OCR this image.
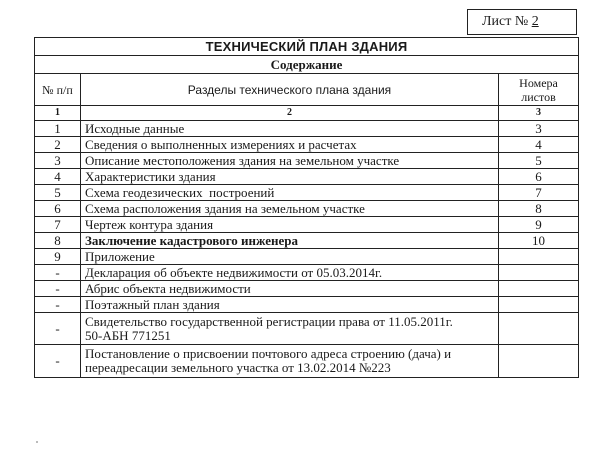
Лист № 2
ТЕХНИЧЕСКИЙ ПЛАН ЗДАНИЯ		
Содержание		
№ п/п	Разделы технического плана здания	Номера листов
1	2	3
1	Исходные данные	3
2	Сведения о выполненных измерениях и расчетах	4
3	Описание местоположения здания на земельном участке	5
4	Характеристики здания	6
5	Схема геодезических  построений	7
6	Схема расположения здания на земельном участке	8
7	Чертеж контура здания	9
8	Заключение кадастрового инженера	10
9	Приложение	
-	Декларация об объекте недвижимости от 05.03.2014г.	
-	Абрис объекта недвижимости	
-	Поэтажный план здания	
-	Свидетельство государственной регистрации права от 11.05.2011г.
50-АБН 771251	

-	Постановление о присвоении почтового адреса строению (дача) и
переадресации земельного участка от 13.02.2014 №223	
